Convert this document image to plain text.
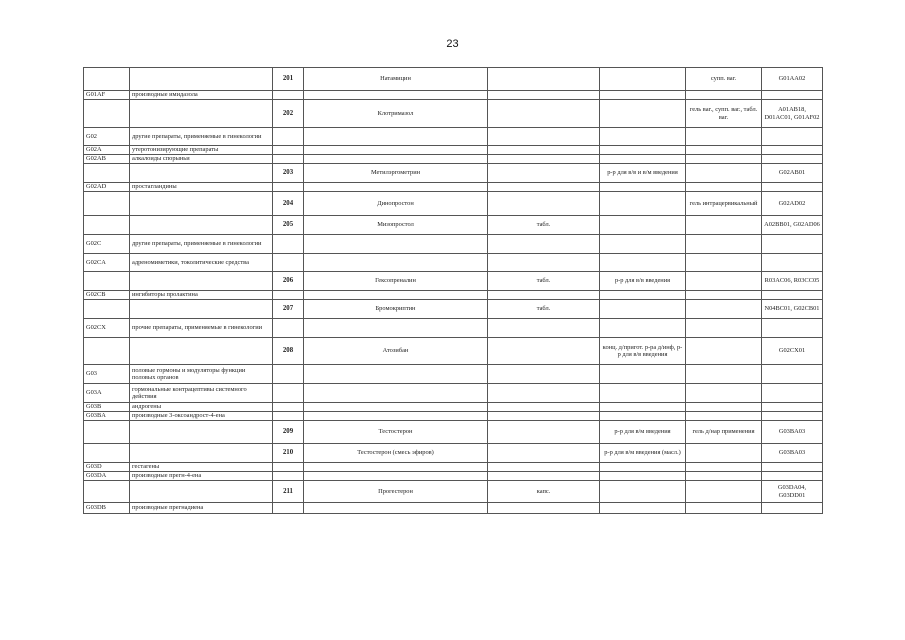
23
		201	Натамицин			супп. ваг.	G01AA02
G01AF	производные имидазола						
		202	Клотримазол			гель ваг., супп. ваг., табл. ваг.	A01AB18, D01AC01, G01AF02
G02	другие препараты, применяемые в гинекологии						
G02A	утеротонизирующие препараты						
G02AB	алкалоиды спорыньи						
		203	Метилэргометрин		р-р для в/в и в/м введения		G02AB01
G02AD	простагландины						
		204	Динопростон			гель интрацервикальный	G02AD02
		205	Мизопростол	табл.			A02BB01, G02AD06
G02C	другие препараты, применяемые в гинекологии						
G02CA	адреномиметики, токолитические средства						
		206	Гексопреналин	табл.	р-р для в/в введения		R03AC06, R03CC05
G02CB	ингибиторы пролактина						
		207	Бромокриптин	табл.			N04BC01, G02CB01
G02CX	прочие препараты, применяемые в гинекологии						
		208	Атозибан		конц. д/пригот. р-ра д/инф, р-р для в/в введения		G02CX01
G03	половые гормоны и модуляторы функции половых органов						
G03A	гормональные контрацептивы системного действия						
G03B	андрогены						
G03BA	производные 3-оксоандрост-4-ена						
		209	Тестостерон		р-р для в/м введения	гель д/нар применения	G03BA03
		210	Тестостерон (смесь эфиров)		р-р для в/м введения (масл.)		G03BA03
G03D	гестагены						
G03DA	производные прегн-4-ена						
		211	Прогестерон	капс.			G03DA04, G03DD01
G03DB	производные прегнадиена						
